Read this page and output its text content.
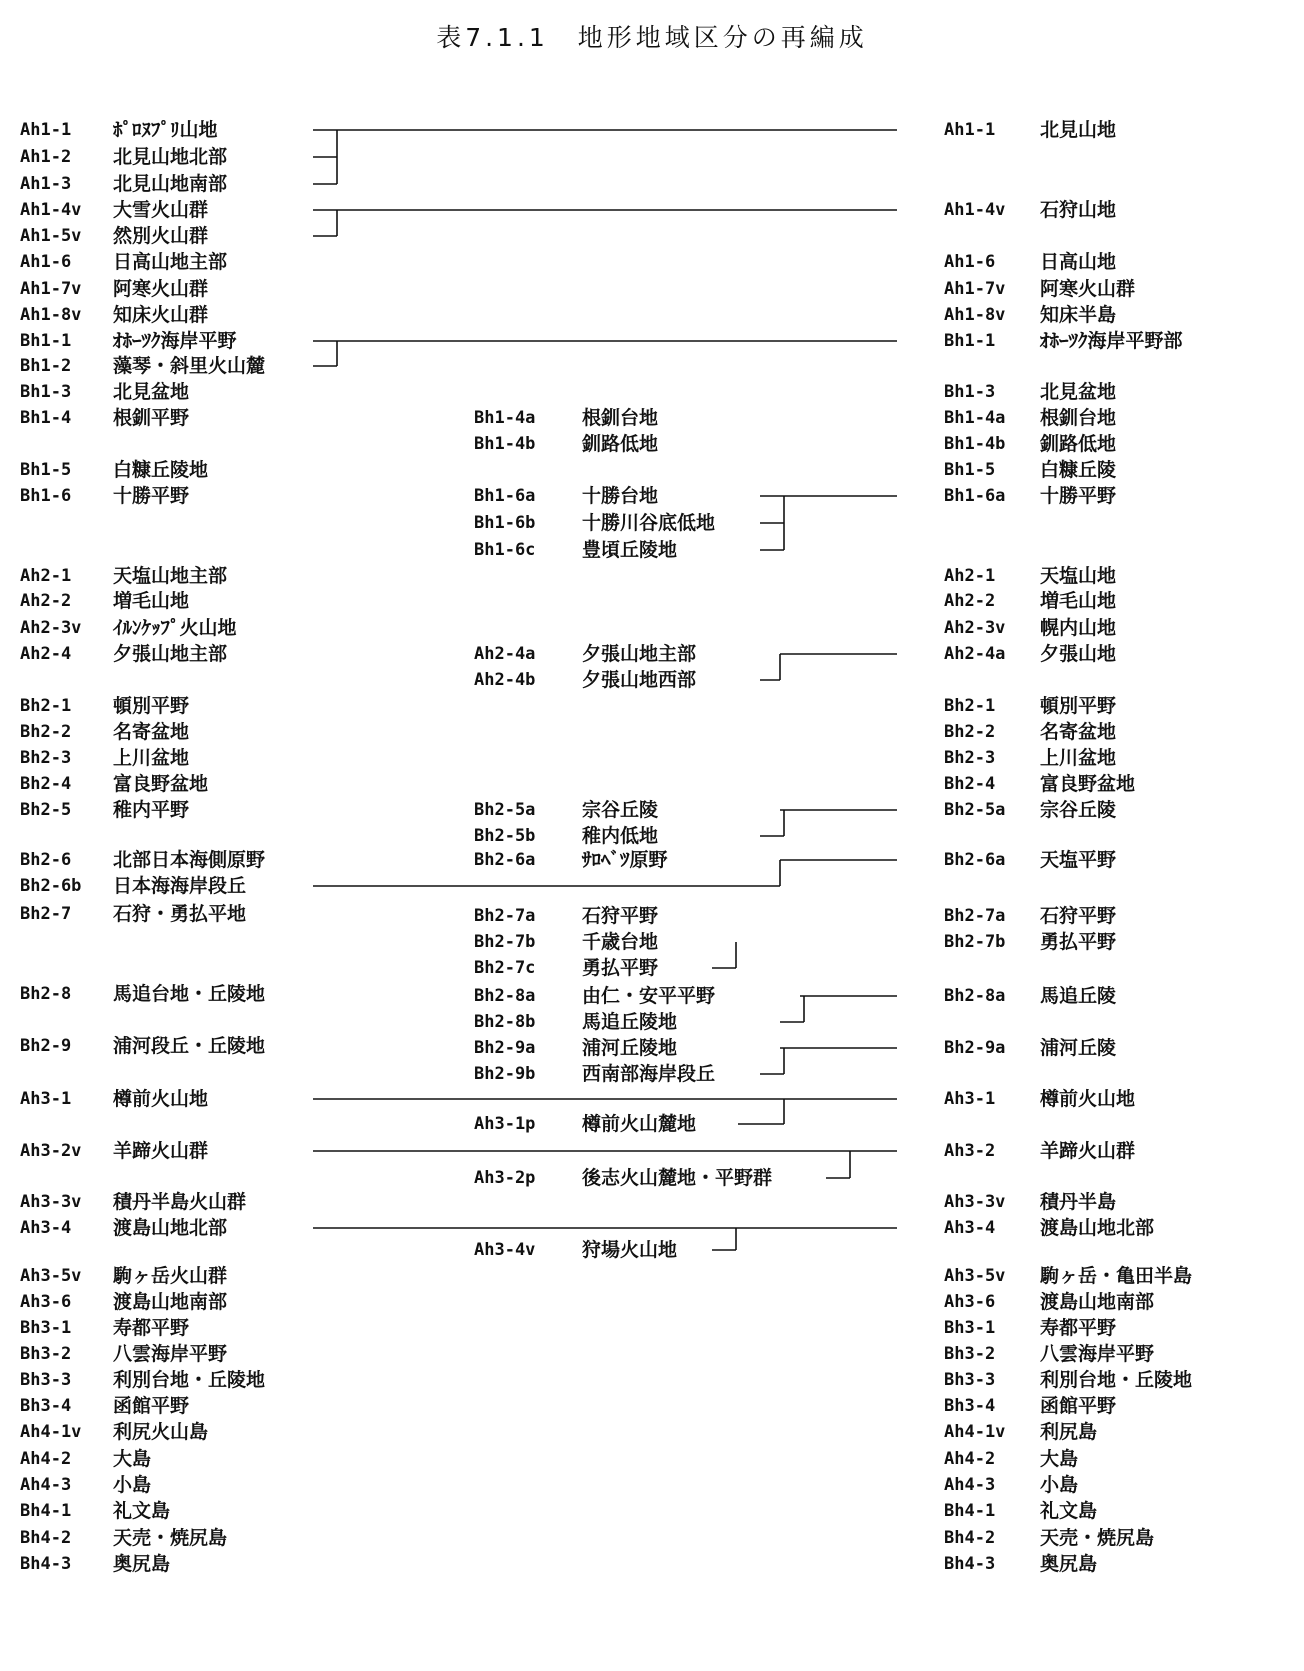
表7.1.1　地形地域区分の再編成
Ah1-1 ﾎﾟﾛﾇﾌﾟﾘ山地
Ah1-2 北見山地北部
Ah1-3 北見山地南部
Ah1-4v 大雪火山群
Ah1-5v 然別火山群
Ah1-6 日高山地主部
Ah1-7v 阿寒火山群
Ah1-8v 知床火山群
Bh1-1 ｵﾎｰﾂｸ海岸平野
Bh1-2 藻琴・斜里火山麓
Bh1-3 北見盆地
Bh1-4 根釧平野
Bh1-5 白糠丘陵地
Bh1-6 十勝平野
Ah2-1 天塩山地主部
Ah2-2 増毛山地
Ah2-3v ｲﾙﾝｹｯﾌﾟ火山地
Ah2-4 夕張山地主部
Bh2-1 頓別平野
Bh2-2 名寄盆地
Bh2-3 上川盆地
Bh2-4 富良野盆地
Bh2-5 稚内平野
Bh2-6 北部日本海側原野
Bh2-6b 日本海海岸段丘
Bh2-7 石狩・勇払平地
Bh2-8 馬追台地・丘陵地
Bh2-9 浦河段丘・丘陵地
Ah3-1 樽前火山地
Ah3-2v 羊蹄火山群
Ah3-3v 積丹半島火山群
Ah3-4 渡島山地北部
Ah3-5v 駒ヶ岳火山群
Ah3-6 渡島山地南部
Bh3-1 寿都平野
Bh3-2 八雲海岸平野
Bh3-3 利別台地・丘陵地
Bh3-4 函館平野
Ah4-1v 利尻火山島
Ah4-2 大島
Ah4-3 小島
Bh4-1 礼文島
Bh4-2 天売・焼尻島
Bh4-3 奥尻島
Bh1-4a 根釧台地
Bh1-4b 釧路低地
Bh1-6a 十勝台地
Bh1-6b 十勝川谷底低地
Bh1-6c 豊頃丘陵地
Ah2-4a 夕張山地主部
Ah2-4b 夕張山地西部
Bh2-5a 宗谷丘陵
Bh2-5b 稚内低地
Bh2-6a ｻﾛﾍﾞﾂ原野
Bh2-7a 石狩平野
Bh2-7b 千歳台地
Bh2-7c 勇払平野
Bh2-8a 由仁・安平平野
Bh2-8b 馬追丘陵地
Bh2-9a 浦河丘陵地
Bh2-9b 西南部海岸段丘
Ah3-1p 樽前火山麓地
Ah3-2p 後志火山麓地・平野群
Ah3-4v 狩場火山地
Ah1-1 北見山地
Ah1-4v 石狩山地
Ah1-6 日高山地
Ah1-7v 阿寒火山群
Ah1-8v 知床半島
Bh1-1 ｵﾎｰﾂｸ海岸平野部
Bh1-3 北見盆地
Bh1-4a 根釧台地
Bh1-4b 釧路低地
Bh1-5 白糠丘陵
Bh1-6a 十勝平野
Ah2-1 天塩山地
Ah2-2 増毛山地
Ah2-3v 幌内山地
Ah2-4a 夕張山地
Bh2-1 頓別平野
Bh2-2 名寄盆地
Bh2-3 上川盆地
Bh2-4 富良野盆地
Bh2-5a 宗谷丘陵
Bh2-6a 天塩平野
Bh2-7a 石狩平野
Bh2-7b 勇払平野
Bh2-8a 馬追丘陵
Bh2-9a 浦河丘陵
Ah3-1 樽前火山地
Ah3-2 羊蹄火山群
Ah3-3v 積丹半島
Ah3-4 渡島山地北部
Ah3-5v 駒ヶ岳・亀田半島
Ah3-6 渡島山地南部
Bh3-1 寿都平野
Bh3-2 八雲海岸平野
Bh3-3 利別台地・丘陵地
Bh3-4 函館平野
Ah4-1v 利尻島
Ah4-2 大島
Ah4-3 小島
Bh4-1 礼文島
Bh4-2 天売・焼尻島
Bh4-3 奥尻島
